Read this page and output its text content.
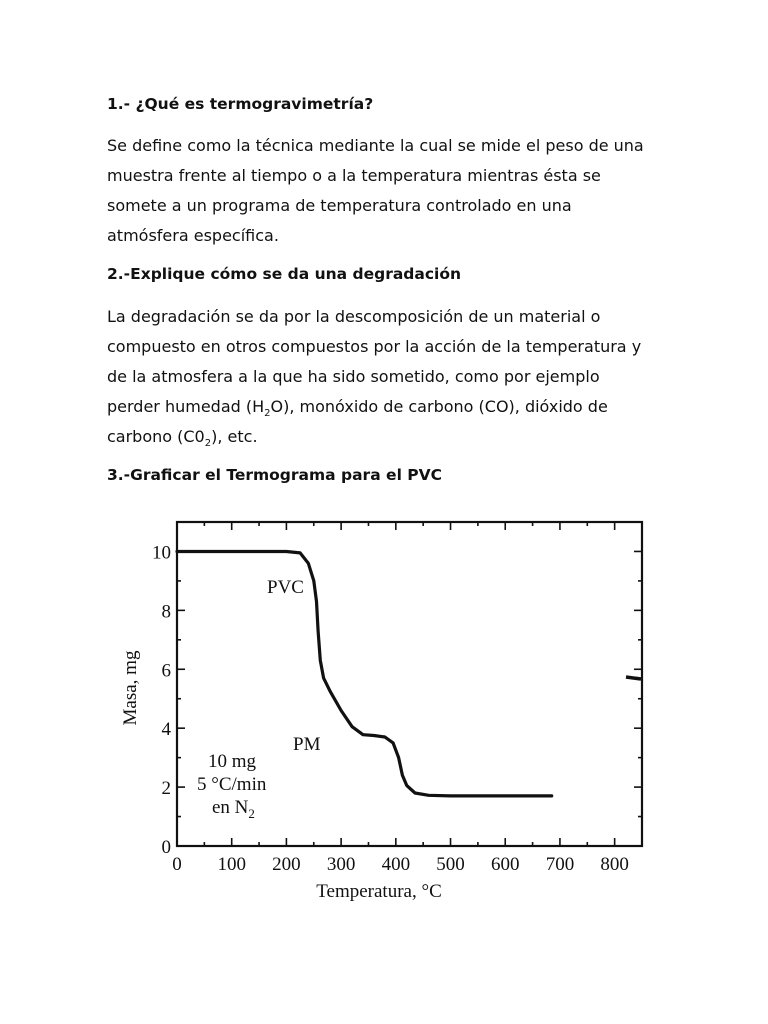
1.- ¿Qué es termogravimetría?
Se define como la técnica mediante la cual se mide el peso de una
muestra frente al tiempo o a la temperatura mientras ésta se
somete a un programa de temperatura controlado en una
atmósfera específica.
2.-Explique cómo se da una degradación
La degradación se da por la descomposición de un material o
compuesto en otros compuestos por la acción de la temperatura y
de la atmosfera a la que ha sido sometido, como por ejemplo
perder humedad $(H_2O)$, monóxido de carbono (CO), dióxido de
carbono $(C0_2)$, etc.
3.-Graficar el Termograma para el PVC
0 100 200 300 400 500 600 700 800
0
2
4
6
8
10
PVC
PM
10 mg
5 °C/min
en $N_2$
Temperatura, °C
Masa, mg
